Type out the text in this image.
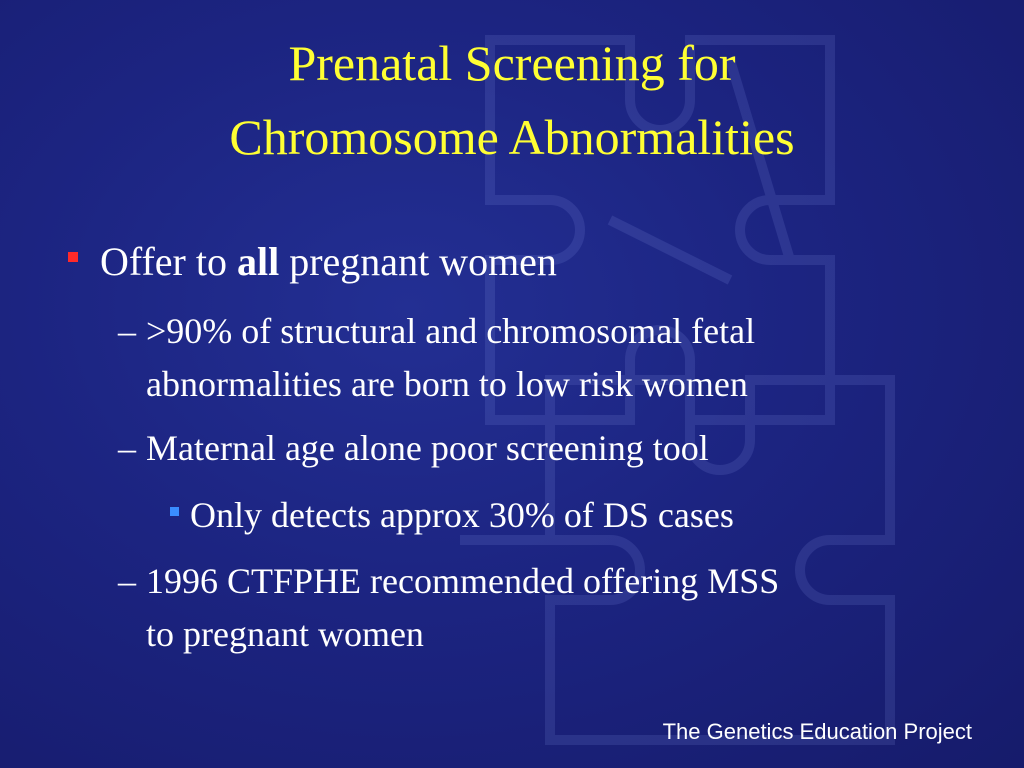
Prenatal Screening for
Chromosome Abnormalities
Offer to all pregnant women
– >90% of structural and chromosomal fetal
abnormalities are born to low risk women
– Maternal age alone poor screening tool
Only detects approx 30% of DS cases
– 1996 CTFPHE recommended offering MSS
to pregnant women
The Genetics Education Project
